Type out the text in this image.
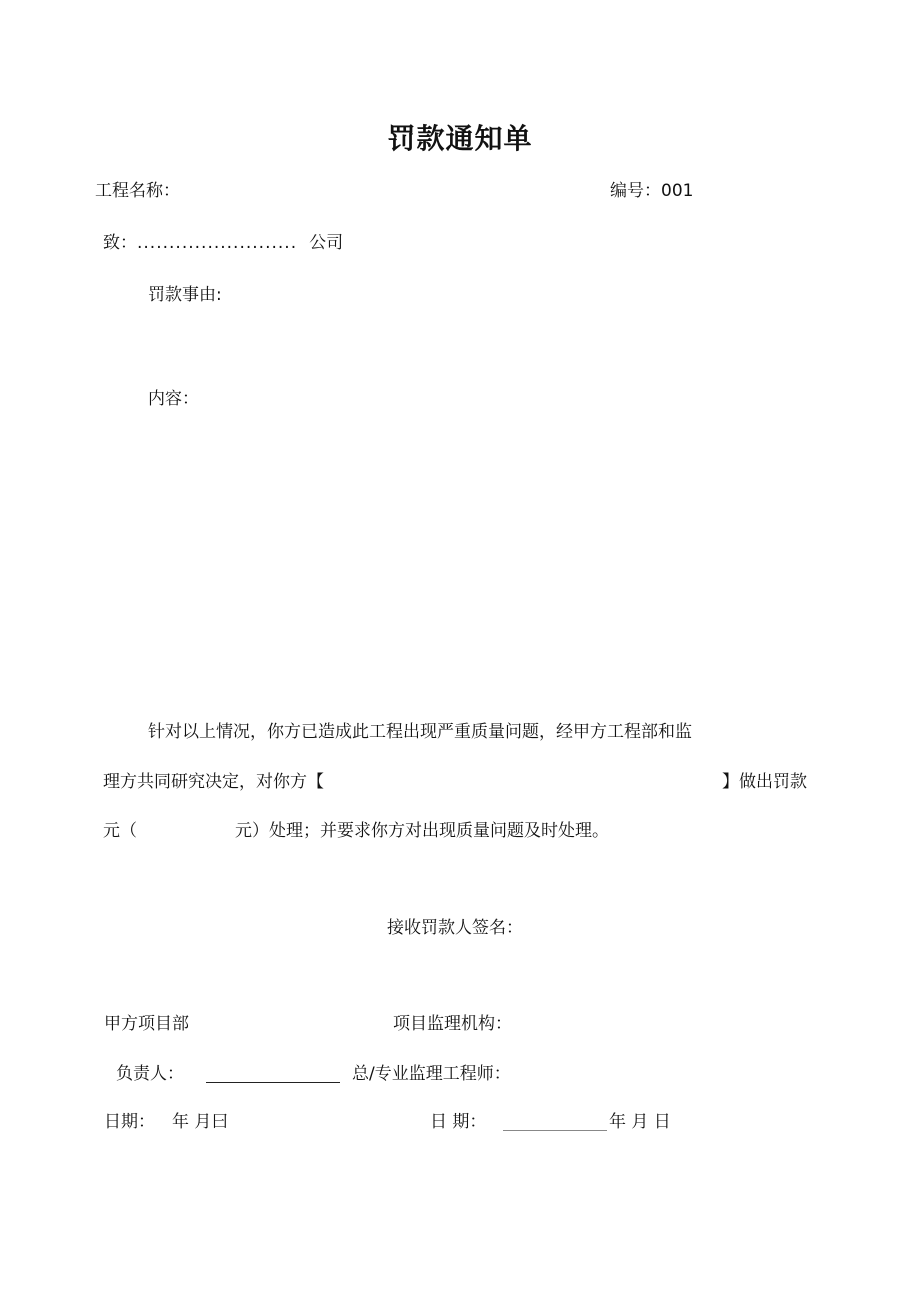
罚款通知单
工程名称：	编号：001
致：......................... 公司
罚款事由:
内容：
针对以上情况，你方已造成此工程出现严重质量问题，经甲方工程部和监
理方共同研究决定，对你方【	】做出罚款
元（	元）处理；并要求你方对出现质量问题及时处理。
接收罚款人签名：
甲方项目部	项目监理机构：
负责人：	总/专业监理工程师：
日期： 年 月曰	日 期：	年 月 日
